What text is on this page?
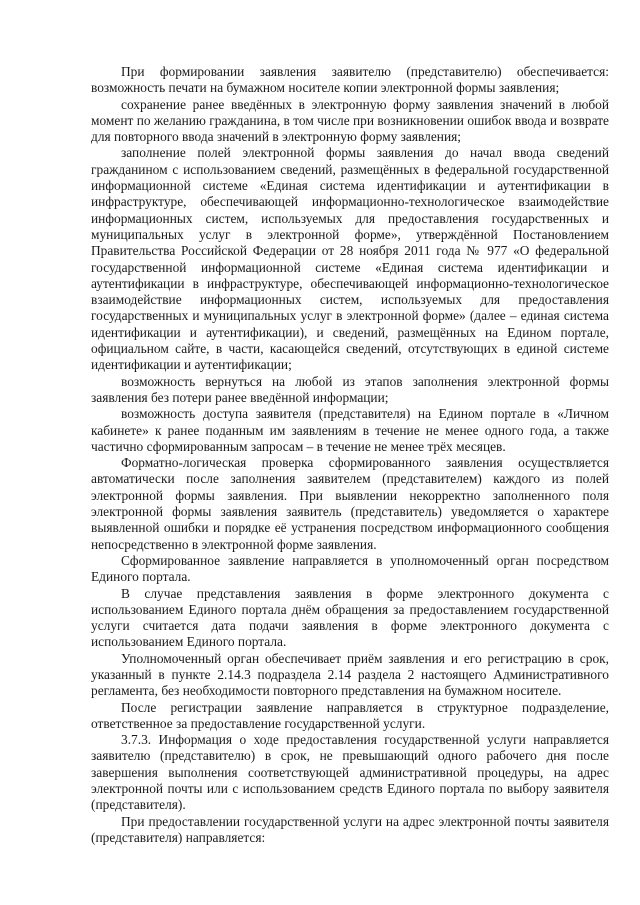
При формировании заявления заявителю (представителю) обеспечивается: возможность печати на бумажном носителе копии электронной формы заявления;

сохранение ранее введённых в электронную форму заявления значений в любой момент по желанию гражданина, в том числе при возникновении ошибок ввода и возврате для повторного ввода значений в электронную форму заявления;

заполнение полей электронной формы заявления до начал ввода сведений гражданином с использованием сведений, размещённых в федеральной государственной информационной системе «Единая система идентификации и аутентификации в инфраструктуре, обеспечивающей информационно-технологическое взаимодействие информационных систем, используемых для предоставления государственных и муниципальных услуг в электронной форме», утверждённой Постановлением Правительства Российской Федерации от 28 ноября 2011 года № 977 «О федеральной государственной информационной системе «Единая система идентификации и аутентификации в инфраструктуре, обеспечивающей информационно-технологическое взаимодействие информационных систем, используемых для предоставления государственных и муниципальных услуг в электронной форме» (далее – единая система идентификации и аутентификации), и сведений, размещённых на Едином портале, официальном сайте, в части, касающейся сведений, отсутствующих в единой системе идентификации и аутентификации;

возможность вернуться на любой из этапов заполнения электронной формы заявления без потери ранее введённой информации;

возможность доступа заявителя (представителя) на Едином портале в «Личном кабинете» к ранее поданным им заявлениям в течение не менее одного года, а также частично сформированным запросам – в течение не менее трёх месяцев.

Форматно-логическая проверка сформированного заявления осуществляется автоматически после заполнения заявителем (представителем) каждого из полей электронной формы заявления. При выявлении некорректно заполненного поля электронной формы заявления заявитель (представитель) уведомляется о характере выявленной ошибки и порядке её устранения посредством информационного сообщения непосредственно в электронной форме заявления.

Сформированное заявление направляется в уполномоченный орган посредством Единого портала.

В случае представления заявления в форме электронного документа с использованием Единого портала днём обращения за предоставлением государственной услуги считается дата подачи заявления в форме электронного документа с использованием Единого портала.

Уполномоченный орган обеспечивает приём заявления и его регистрацию в срок, указанный в пункте 2.14.3 подраздела 2.14 раздела 2 настоящего Административного регламента, без необходимости повторного представления на бумажном носителе.

После регистрации заявление направляется в структурное подразделение, ответственное за предоставление государственной услуги.

3.7.3. Информация о ходе предоставления государственной услуги направляется заявителю (представителю) в срок, не превышающий одного рабочего дня после завершения выполнения соответствующей административной процедуры, на адрес электронной почты или с использованием средств Единого портала по выбору заявителя (представителя).

При предоставлении государственной услуги на адрес электронной почты заявителя (представителя) направляется:
